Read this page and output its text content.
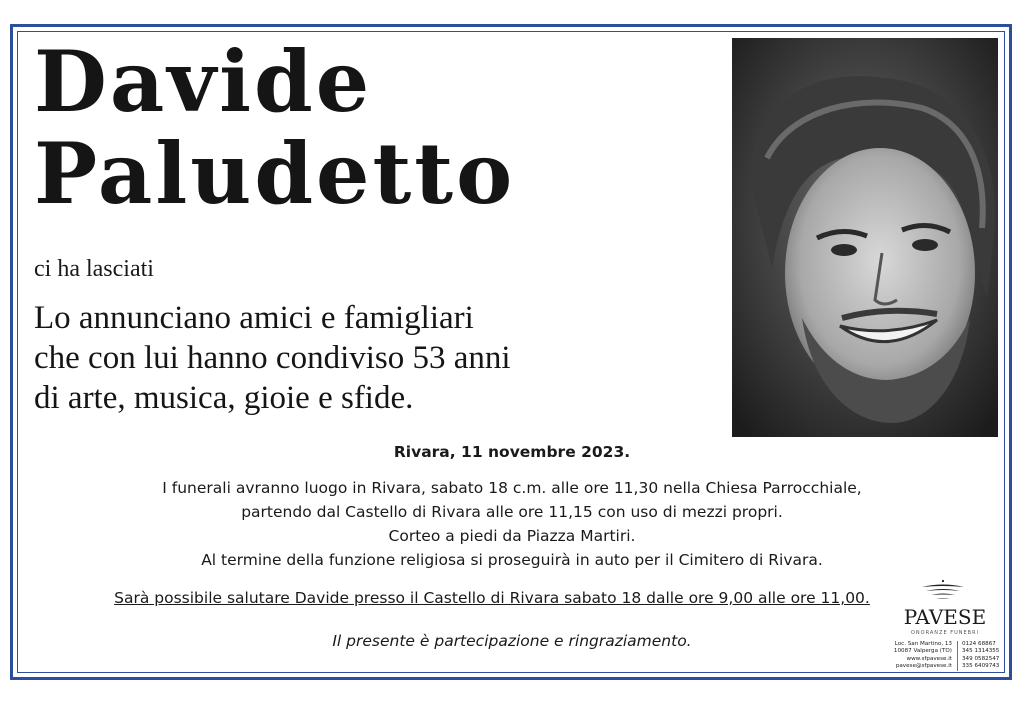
Davide
Paludetto
ci ha lasciati
Lo annunciano amici e famigliari
che con lui hanno condiviso 53 anni
di arte, musica, gioie e sfide.
Rivara, 11 novembre 2023.
I funerali avranno luogo in Rivara, sabato 18 c.m. alle ore 11,30 nella Chiesa Parrocchiale,
partendo dal Castello di Rivara alle ore 11,15 con uso di mezzi propri.
Corteo a piedi da Piazza Martiri.
Al termine della funzione religiosa si proseguirà in auto per il Cimitero di Rivara.
Sarà possibile salutare Davide presso il Castello di Rivara sabato 18 dalle ore 9,00 alle ore 11,00.
Il presente è partecipazione e ringraziamento.
PAVESE
ONORANZE FUNEBRI
Loc. San Martino, 13
10087 Valperga (TO)
www.sfpavese.it
pavese@sfpavese.it
0124 68867
345 1314355
349 0582547
335 6409743
